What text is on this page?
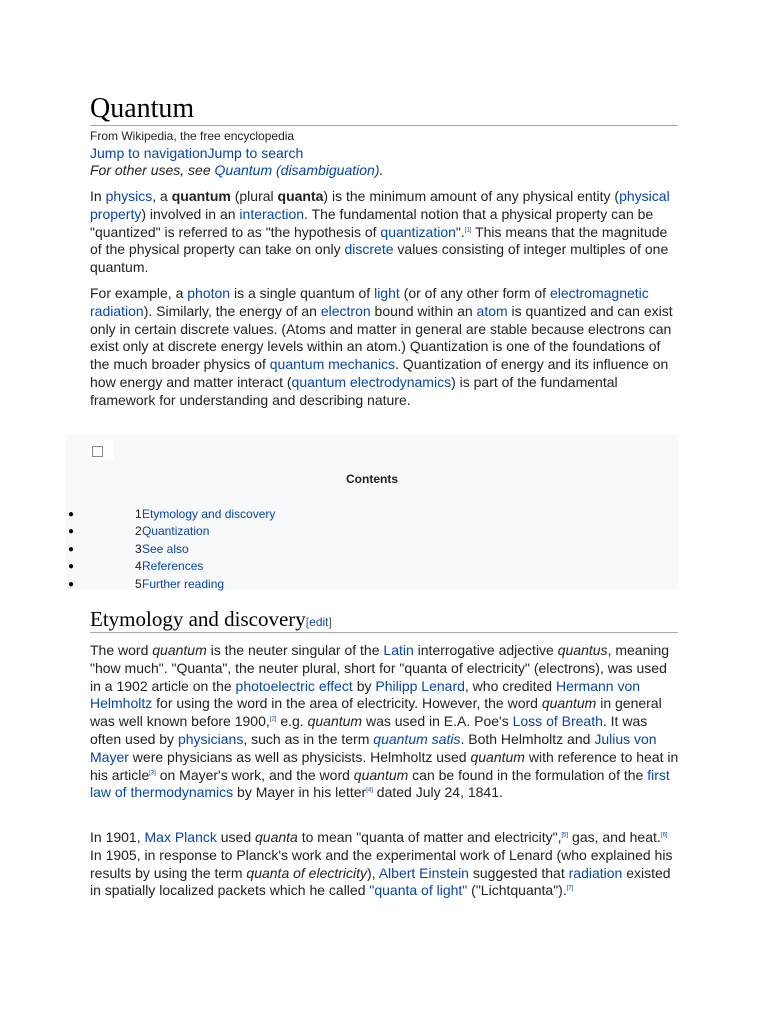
Quantum
From Wikipedia, the free encyclopedia
Jump to navigationJump to search
For other uses, see Quantum (disambiguation).

In physics, a quantum (plural quanta) is the minimum amount of any physical entity (physical property) involved in an interaction. The fundamental notion that a physical property can be "quantized" is referred to as "the hypothesis of quantization".[1] This means that the magnitude of the physical property can take on only discrete values consisting of integer multiples of one quantum.

For example, a photon is a single quantum of light (or of any other form of electromagnetic radiation). Similarly, the energy of an electron bound within an atom is quantized and can exist only in certain discrete values. (Atoms and matter in general are stable because electrons can exist only at discrete energy levels within an atom.) Quantization is one of the foundations of the much broader physics of quantum mechanics. Quantization of energy and its influence on how energy and matter interact (quantum electrodynamics) is part of the fundamental framework for understanding and describing nature.

Etymology and discovery[edit]

The word quantum is the neuter singular of the Latin interrogative adjective quantus, meaning "how much". "Quanta", the neuter plural, short for "quanta of electricity" (electrons), was used in a 1902 article on the photoelectric effect by Philipp Lenard, who credited Hermann von Helmholtz for using the word in the area of electricity. However, the word quantum in general was well known before 1900,[2] e.g. quantum was used in E.A. Poe's Loss of Breath. It was often used by physicians, such as in the term quantum satis. Both Helmholtz and Julius von Mayer were physicians as well as physicists. Helmholtz used quantum with reference to heat in his article[3] on Mayer's work, and the word quantum can be found in the formulation of the first law of thermodynamics by Mayer in his letter[4] dated July 24, 1841.

In 1901, Max Planck used quanta to mean "quanta of matter and electricity",[5] gas, and heat.[6] In 1905, in response to Planck's work and the experimental work of Lenard (who explained his results by using the term quanta of electricity), Albert Einstein suggested that radiation existed in spatially localized packets which he called "quanta of light" ("Lichtquanta").[7]

Contents
●	1 Etymology and discovery
●	2 Quantization
●	3 See also
●	4 References
●	5 Further reading
